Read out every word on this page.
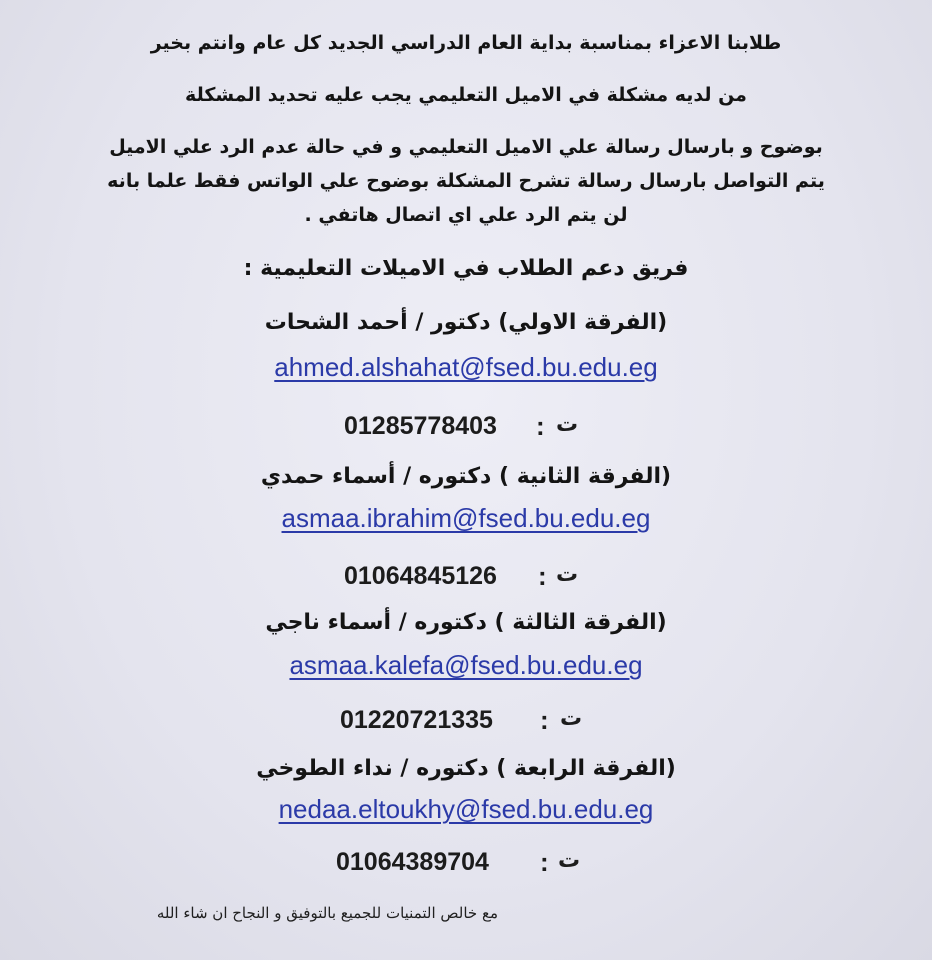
طلابنا الاعزاء بمناسبة بداية العام الدراسي الجديد كل عام وانتم بخير
من لديه مشكلة في الاميل التعليمي يجب عليه تحديد المشكلة
بوضوح و بارسال رسالة علي الاميل التعليمي و في حالة عدم الرد علي الاميل
يتم التواصل بارسال رسالة تشرح المشكلة بوضوح علي الواتس فقط علما بانه
لن يتم الرد علي اي اتصال هاتفي .
فريق دعم الطلاب في الاميلات التعليمية :
(الفرقة الاولي) دكتور / أحمد الشحات
ahmed.alshahat@fsed.bu.edu.eg
01285778403 : ت
(الفرقة الثانية ) دكتوره / أسماء حمدي
asmaa.ibrahim@fsed.bu.edu.eg
01064845126 : ت
(الفرقة الثالثة ) دكتوره / أسماء ناجي
asmaa.kalefa@fsed.bu.edu.eg
01220721335 : ت
(الفرقة الرابعة ) دكتوره / نداء الطوخي
nedaa.eltoukhy@fsed.bu.edu.eg
01064389704 : ت
مع خالص التمنيات للجميع بالتوفيق و النجاح ان شاء الله
